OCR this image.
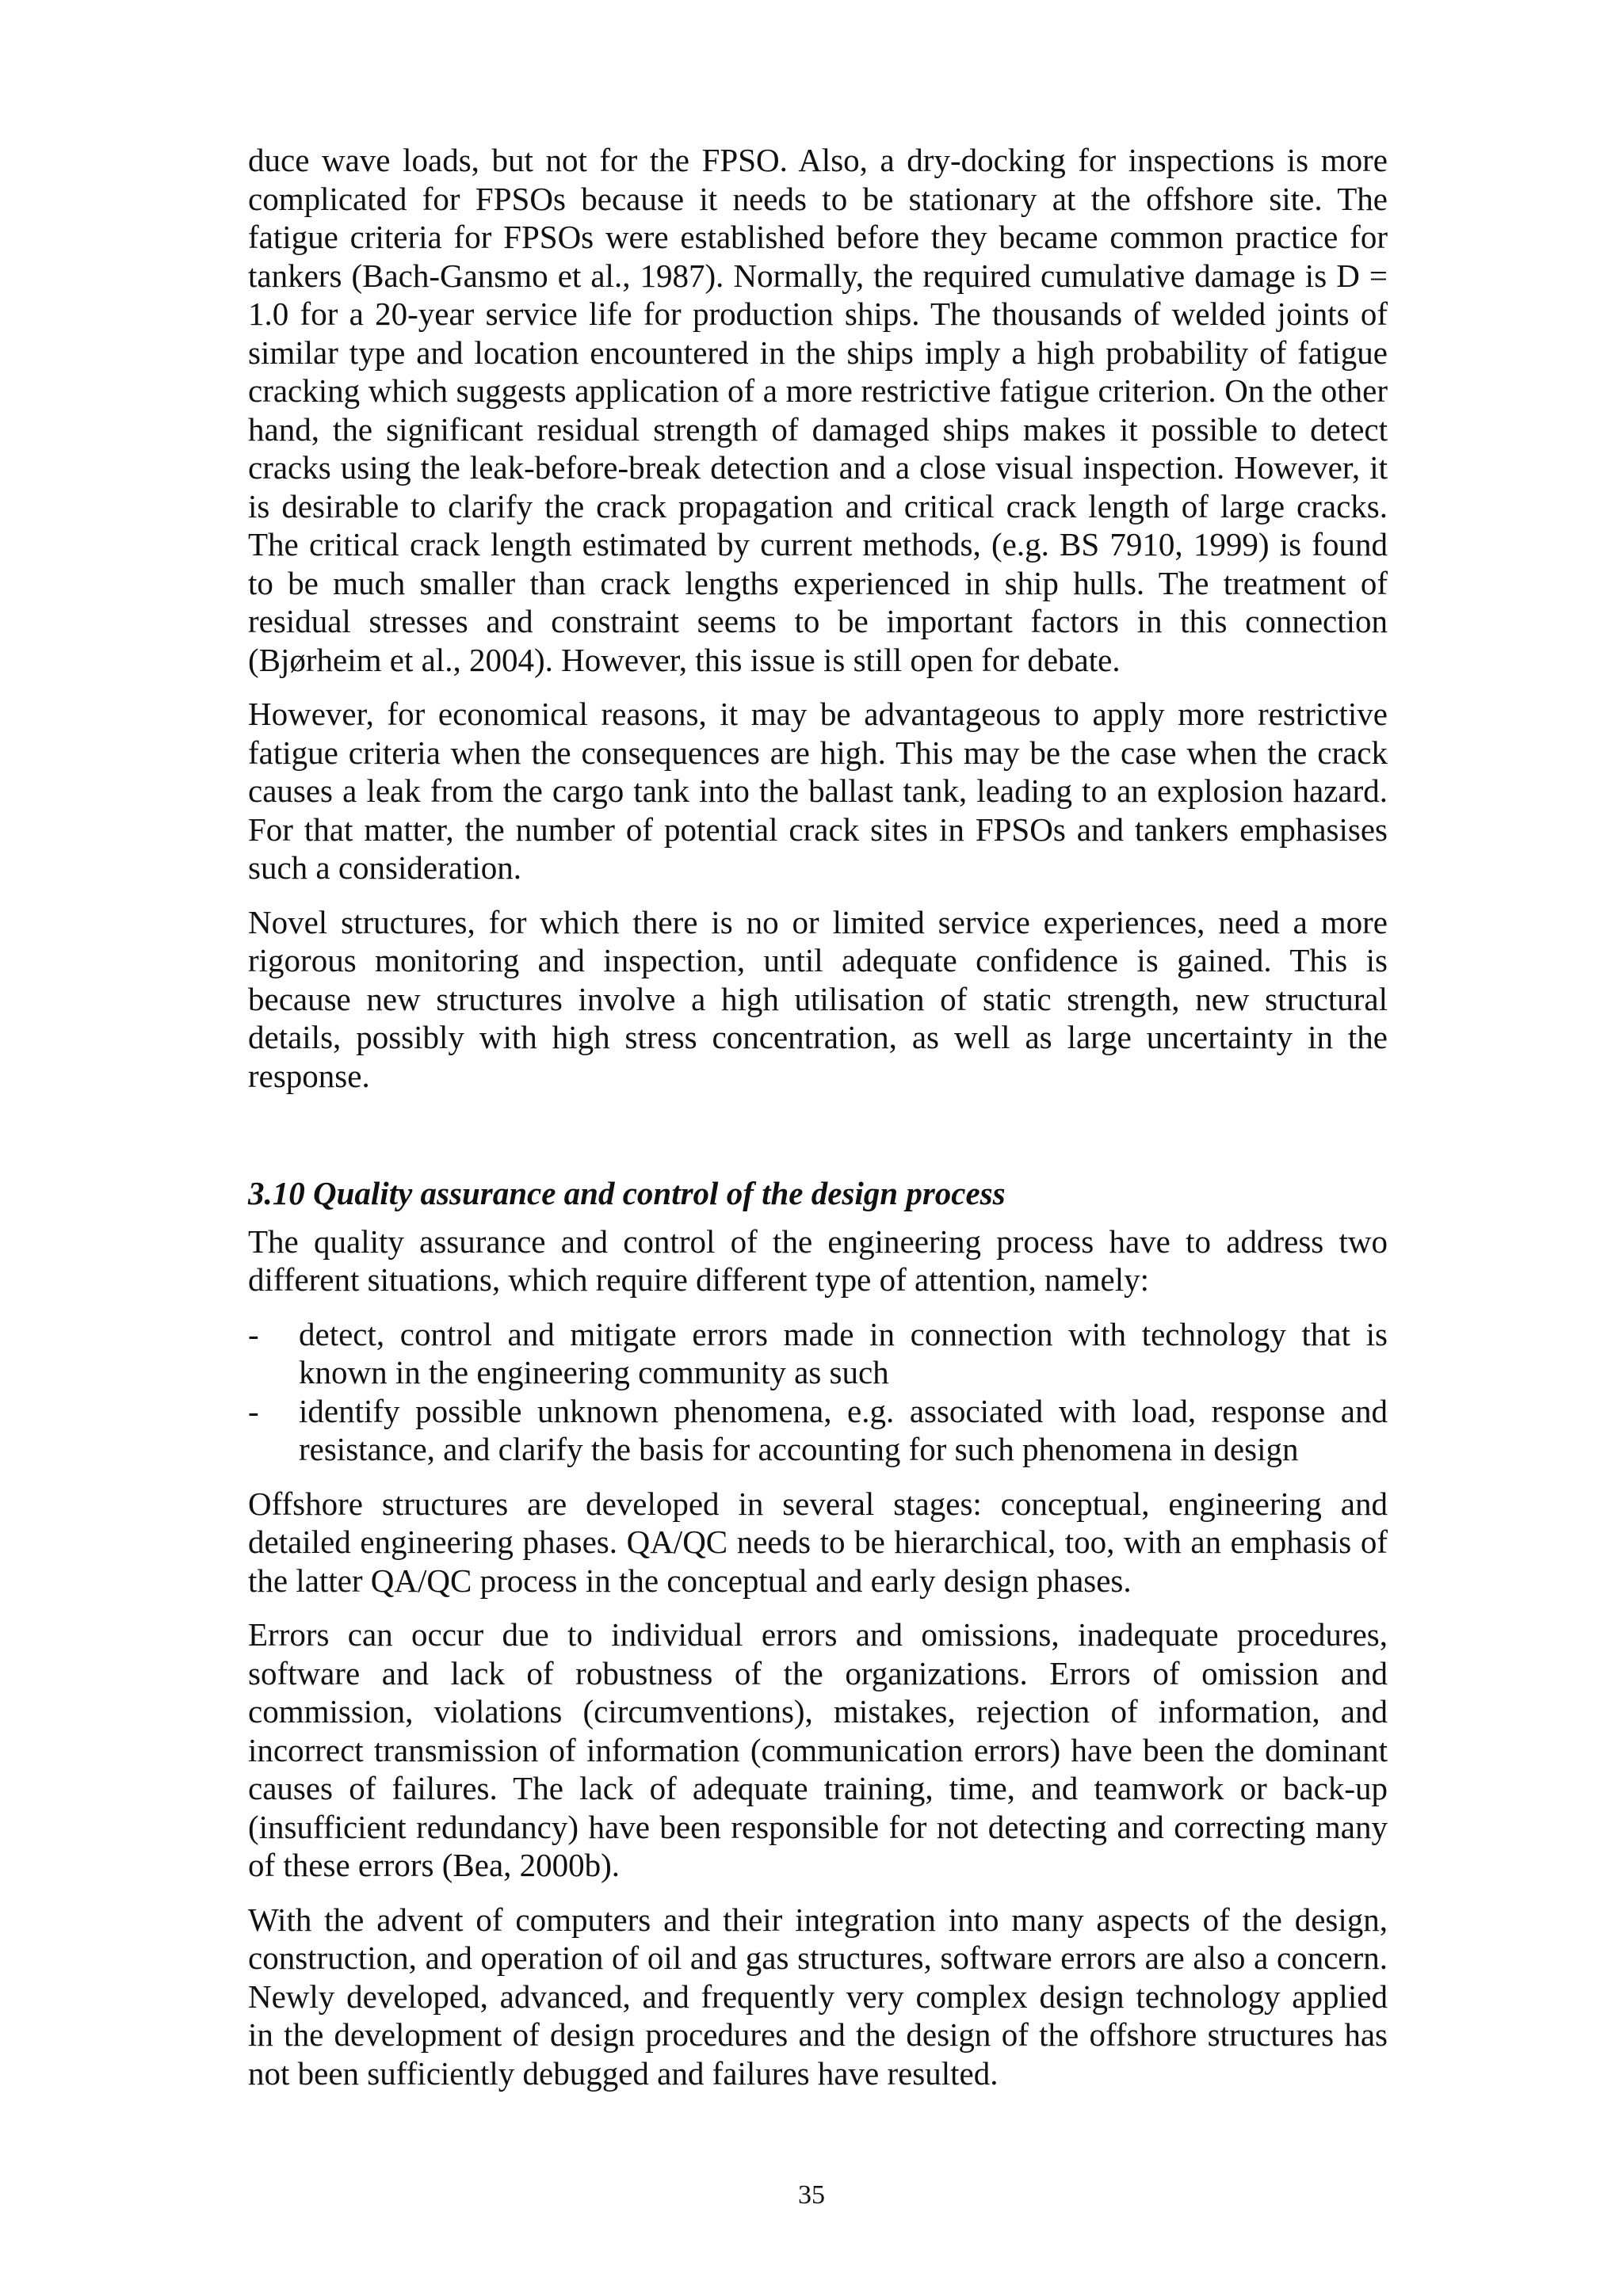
duce wave loads, but not for the FPSO. Also, a dry-docking for inspections is more complicated for FPSOs because it needs to be stationary at the offshore site. The fatigue criteria for FPSOs were established before they became common practice for tankers (Bach-Gansmo et al., 1987). Normally, the required cumulative damage is D = 1.0 for a 20-year service life for production ships. The thousands of welded joints of similar type and location encountered in the ships imply a high probability of fatigue cracking which suggests application of a more restrictive fatigue criterion. On the other hand, the significant residual strength of damaged ships makes it possible to detect cracks using the leak-before-break detection and a close visual inspection. However, it is desirable to clarify the crack propagation and critical crack length of large cracks. The critical crack length estimated by current methods, (e.g. BS 7910, 1999) is found to be much smaller than crack lengths experienced in ship hulls. The treatment of residual stresses and constraint seems to be important factors in this connection (Bjørheim et al., 2004). However, this issue is still open for debate.

However, for economical reasons, it may be advantageous to apply more restrictive fatigue criteria when the consequences are high. This may be the case when the crack causes a leak from the cargo tank into the ballast tank, leading to an explosion hazard. For that matter, the number of potential crack sites in FPSOs and tankers emphasises such a consideration.

Novel structures, for which there is no or limited service experiences, need a more rigorous monitoring and inspection, until adequate confidence is gained. This is because new structures involve a high utilisation of static strength, new structural details, possibly with high stress concentration, as well as large uncertainty in the response.

3.10 Quality assurance and control of the design process

The quality assurance and control of the engineering process have to address two different situations, which require different type of attention, namely:

- detect, control and mitigate errors made in connection with technology that is known in the engineering community as such
- identify possible unknown phenomena, e.g. associated with load, response and resistance, and clarify the basis for accounting for such phenomena in design

Offshore structures are developed in several stages: conceptual, engineering and detailed engineering phases. QA/QC needs to be hierarchical, too, with an emphasis of the latter QA/QC process in the conceptual and early design phases.

Errors can occur due to individual errors and omissions, inadequate procedures, software and lack of robustness of the organizations. Errors of omission and commission, violations (circumventions), mistakes, rejection of information, and incorrect transmission of information (communication errors) have been the dominant causes of failures. The lack of adequate training, time, and teamwork or back-up (insufficient redundancy) have been responsible for not detecting and correcting many of these errors (Bea, 2000b).

With the advent of computers and their integration into many aspects of the design, construction, and operation of oil and gas structures, software errors are also a concern. Newly developed, advanced, and frequently very complex design technology applied in the development of design procedures and the design of the offshore structures has not been sufficiently debugged and failures have resulted.

35
